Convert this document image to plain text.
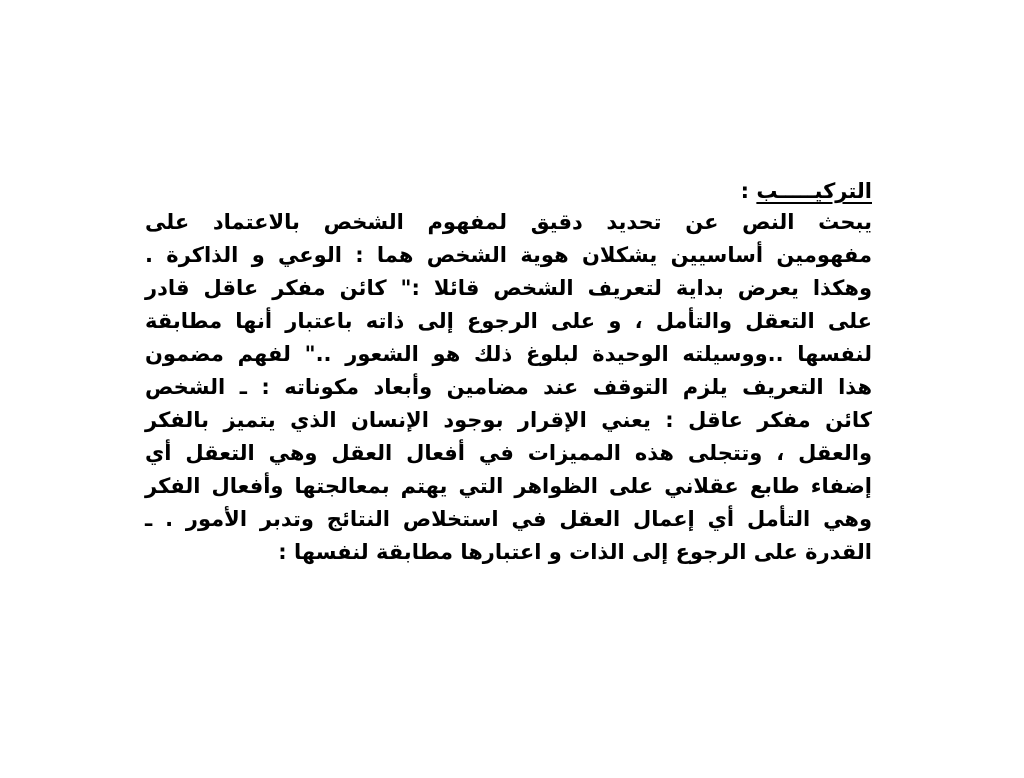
التركيـــــب :
يبحث النص عن تحديد دقيق لمفهوم الشخص بالاعتماد على
مفهومين أساسيين يشكلان هوية الشخص هما : الوعي و الذاكرة .
وهكذا يعرض بداية لتعريف الشخص قائلا :" كائن مفكر عاقل قادر
على التعقل والتأمل ، و على الرجوع إلى ذاته باعتبار أنها مطابقة
لنفسها ..ووسيلته الوحيدة لبلوغ ذلك هو الشعور .." لفهم مضمون
هذا التعريف يلزم التوقف عند مضامين وأبعاد مكوناته : ـ الشخص
كائن مفكر عاقل : يعني الإقرار بوجود الإنسان الذي يتميز بالفكر
والعقل ، وتتجلى هذه المميزات في أفعال العقل وهي التعقل أي
إضفاء طابع عقلاني على الظواهر التي يهتم بمعالجتها وأفعال الفكر
وهي التأمل أي إعمال العقل في استخلاص النتائج وتدبر الأمور . ـ
القدرة على الرجوع إلى الذات و اعتبارها مطابقة لنفسها :
